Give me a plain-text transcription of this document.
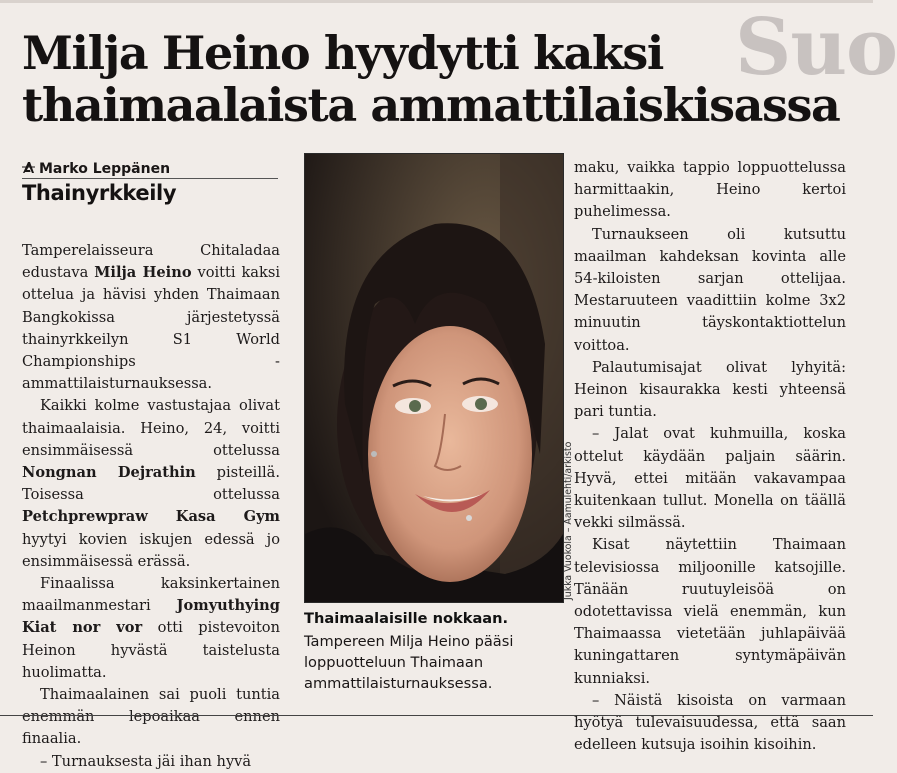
Suo
Milja Heino hyydytti kaksi thaimaalaista ammattilaiskisassa
Marko Leppänen
Thainyrkkeily

Tamperelaisseura Chitaladaa edustava Milja Heino voitti kaksi ottelua ja hävisi yhden Thaimaan Bangkokissa järjestetyssä thainyrkkeilyn S1 World Championships -ammattilaisturnauksessa.

Kaikki kolme vastustajaa olivat thaimaalaisia. Heino, 24, voitti ensimmäisessä ottelussa Nongnan Dejrathin pisteillä. Toisessa ottelussa Petchprewpraw Kasa Gym hyytyi kovien iskujen edessä jo ensimmäisessä erässä.

Finaalissa kaksinkertainen maailmanmestari Jomyuthying Kiat nor vor otti pistevoiton Heinon hyvästä taistelusta huolimatta.

Thaimaalainen sai puoli tuntia enemmän lepoaikaa ennen finaalia.

– Turnauksesta jäi ihan hyvä

Jukka Vuokola – Aamulehti/arkisto
Thaimaalaisille nokkaan.
Tampereen Milja Heino pääsi loppuotteluun Thaimaan ammattilaisturnauksessa.

maku, vaikka tappio loppuottelussa harmittaakin, Heino kertoi puhelimessa.

Turnaukseen oli kutsuttu maailman kahdeksan kovinta alle 54-kiloisten sarjan ottelijaa. Mestaruuteen vaadittiin kolme 3x2 minuutin täyskontaktiottelun voittoa.

Palautumisajat olivat lyhyitä: Heinon kisaurakka kesti yhteensä pari tuntia.

– Jalat ovat kuhmuilla, koska ottelut käydään paljain säärin. Hyvä, ettei mitään vakavampaa kuitenkaan tullut. Monella on täällä vekki silmässä.

Kisat näytettiin Thaimaan televisiossa miljoonille katsojille. Tänään ruutuyleisöä on odotettavissa vielä enemmän, kun Thaimaassa vietetään juhlapäivää kuningattaren syntymäpäivän kunniaksi.

– Näistä kisoista on varmaan hyötyä tulevaisuudessa, että saan edelleen kutsuja isoihin kisoihin.
